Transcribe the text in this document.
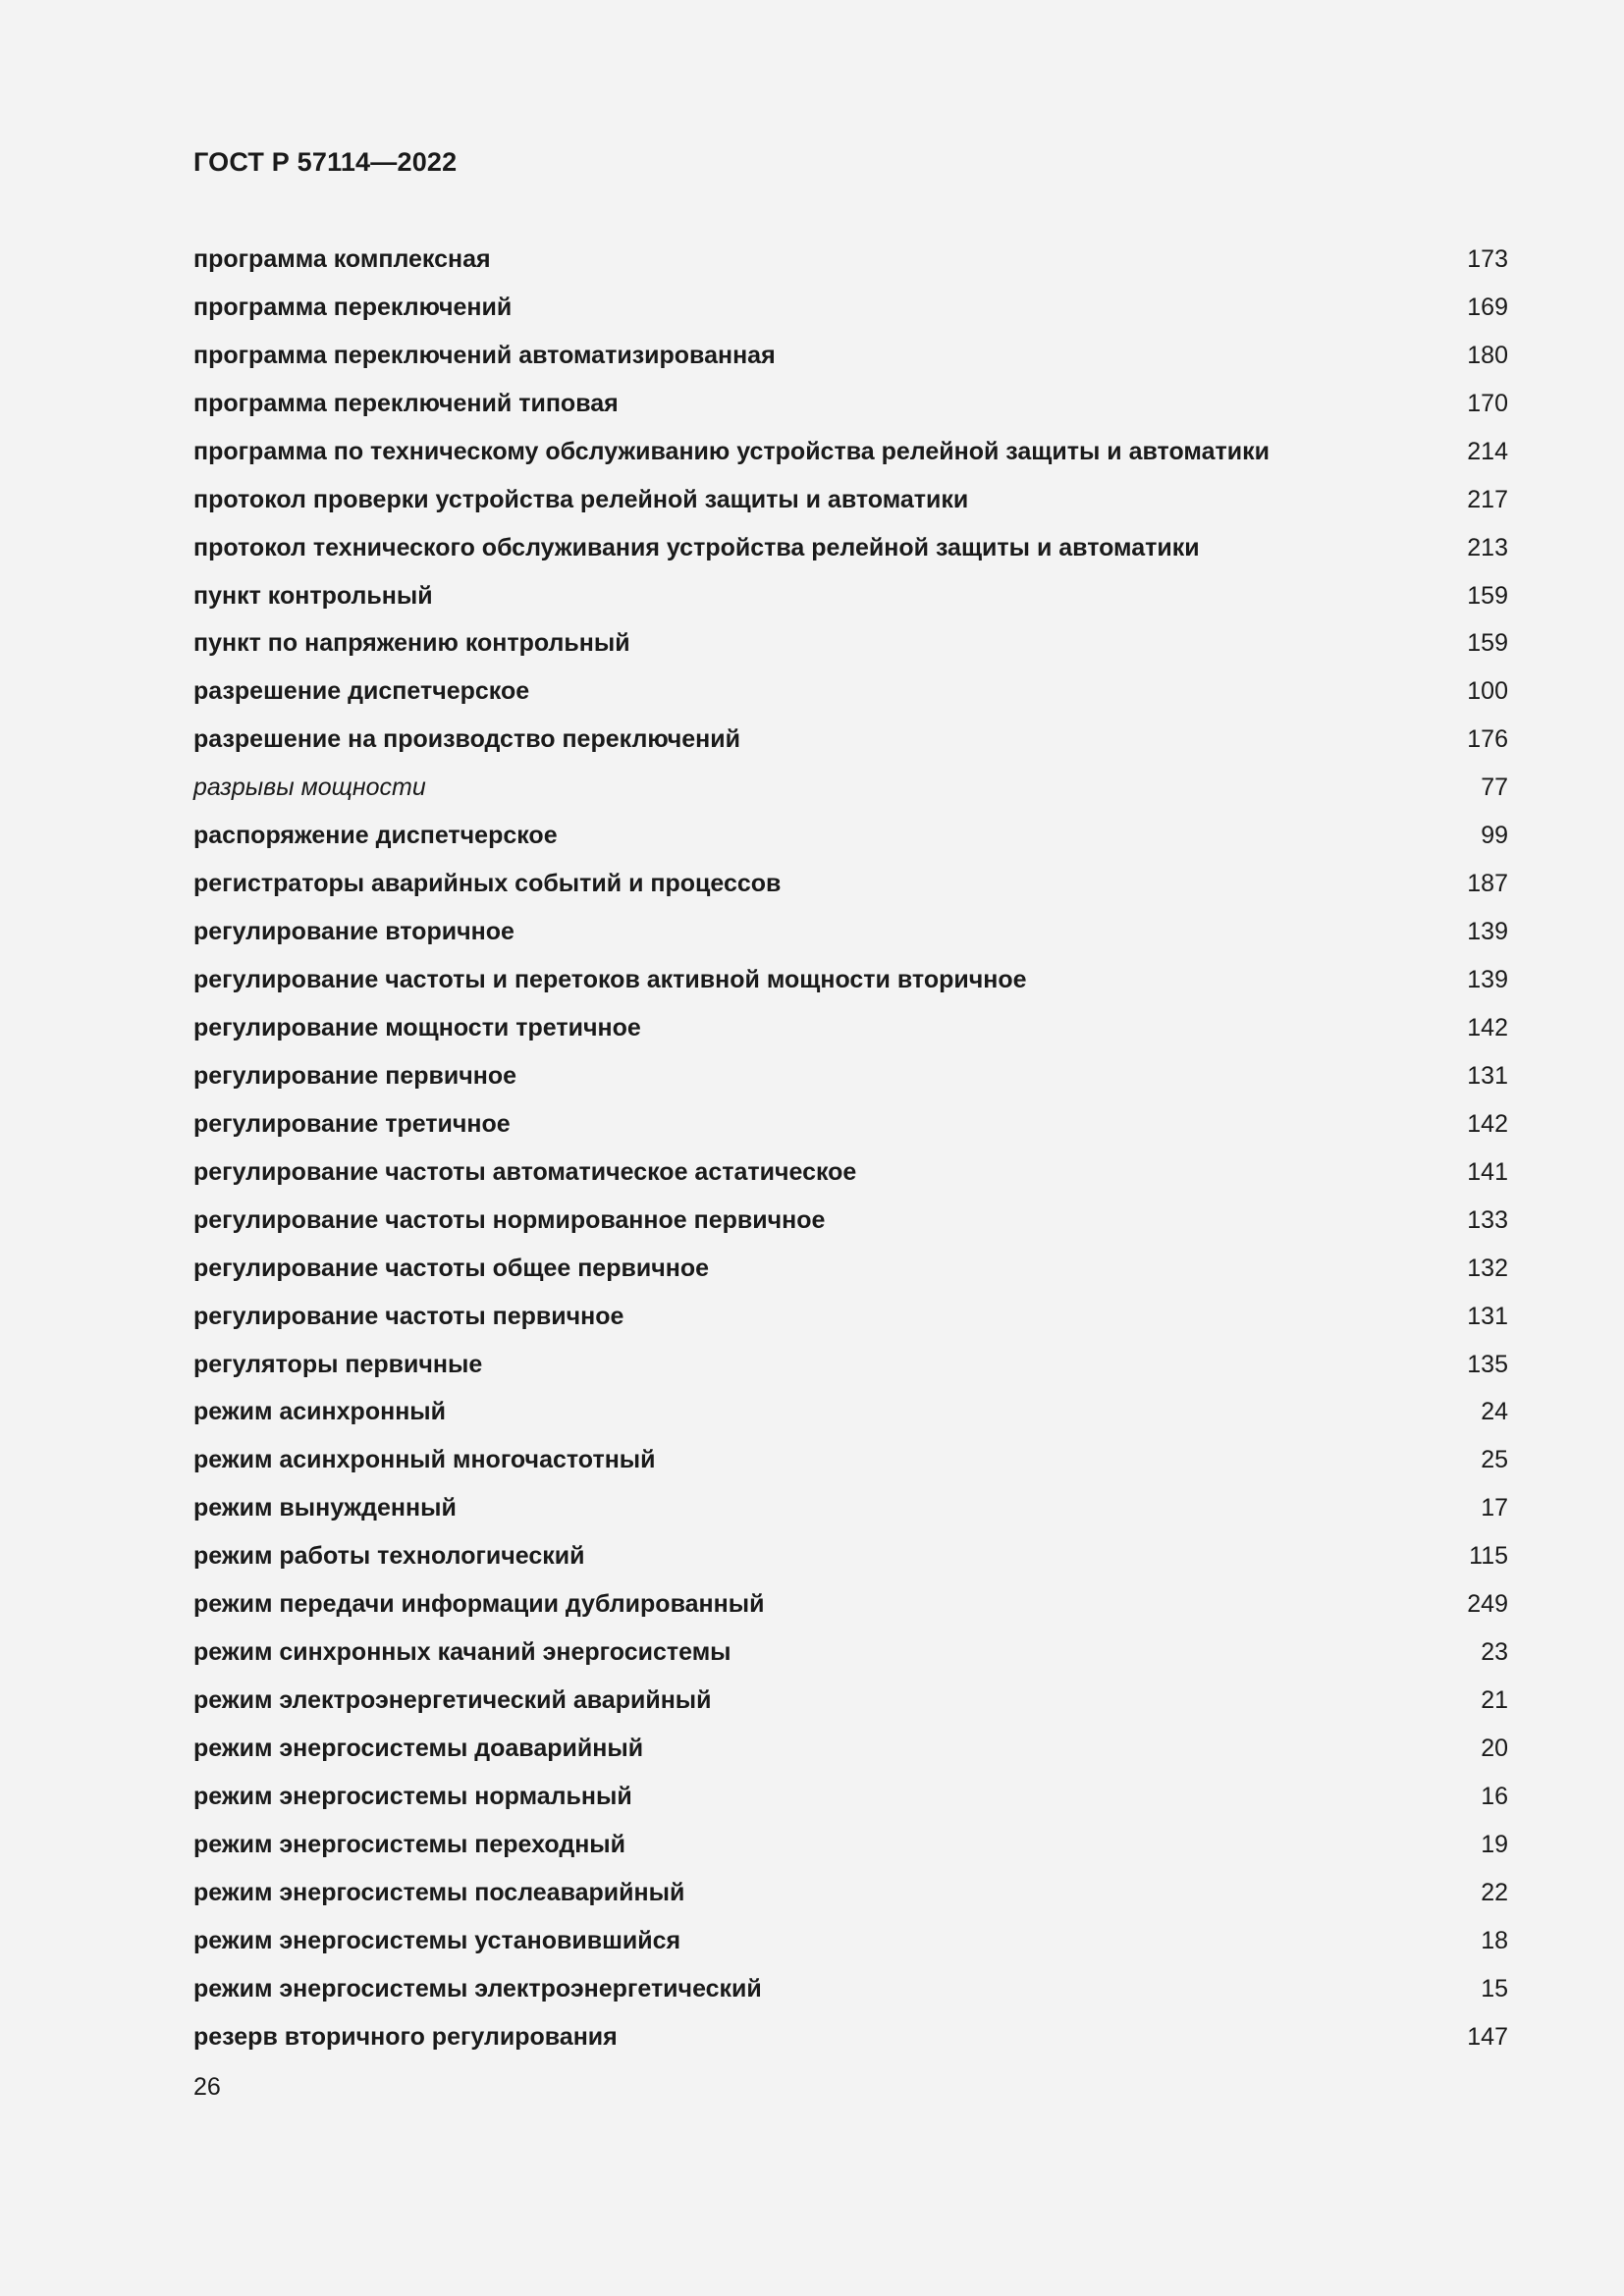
ГОСТ Р 57114—2022
программа комплексная	173
программа переключений	169
программа переключений автоматизированная	180
программа переключений типовая	170
программа по техническому обслуживанию устройства релейной защиты и автоматики	214
протокол проверки устройства релейной защиты и автоматики	217
протокол технического обслуживания устройства релейной защиты и автоматики	213
пункт контрольный	159
пункт по напряжению контрольный	159
разрешение диспетчерское	100
разрешение на производство переключений	176
разрывы мощности	77
распоряжение диспетчерское	99
регистраторы аварийных событий и процессов	187
регулирование вторичное	139
регулирование частоты и перетоков активной мощности вторичное	139
регулирование мощности третичное	142
регулирование первичное	131
регулирование третичное	142
регулирование частоты автоматическое астатическое	141
регулирование частоты нормированное первичное	133
регулирование частоты общее первичное	132
регулирование частоты первичное	131
регуляторы первичные	135
режим асинхронный	24
режим асинхронный многочастотный	25
режим вынужденный	17
режим работы технологический	115
режим передачи информации дублированный	249
режим синхронных качаний энергосистемы	23
режим электроэнергетический аварийный	21
режим энергосистемы доаварийный	20
режим энергосистемы нормальный	16
режим энергосистемы переходный	19
режим энергосистемы послеаварийный	22
режим энергосистемы установившийся	18
режим энергосистемы электроэнергетический	15
резерв вторичного регулирования	147
26
